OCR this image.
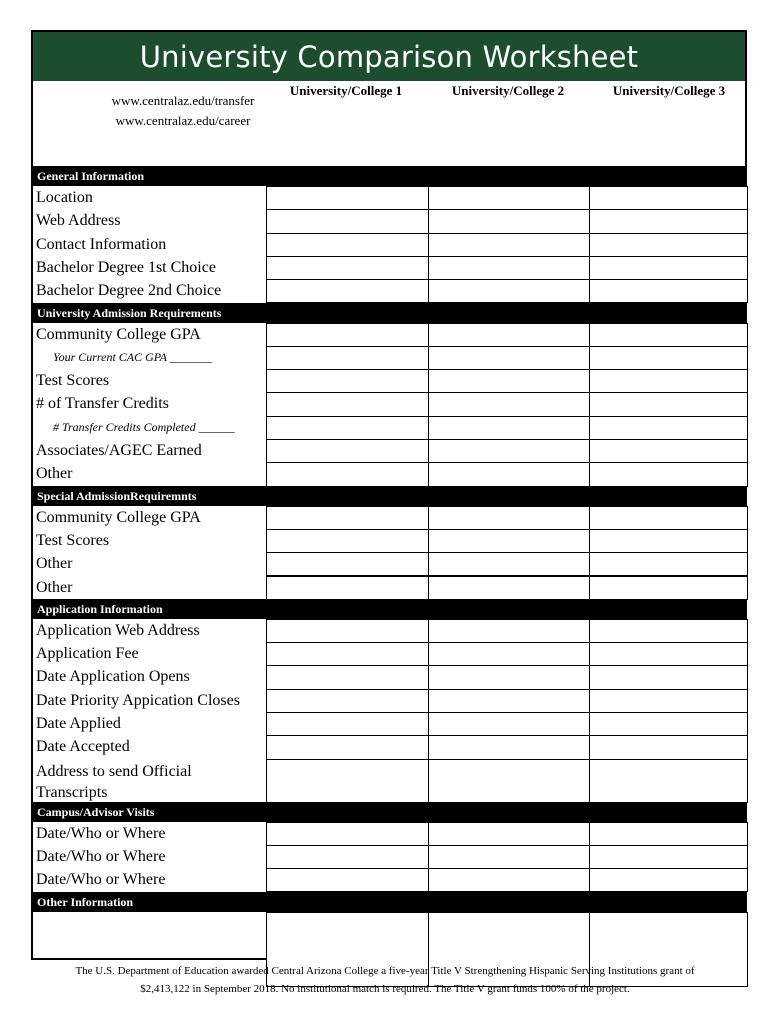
University Comparison Worksheet
www.centralaz.edu/transfer
www.centralaz.edu/career
University/College 1	University/College 2	University/College 3
General Information
Location
Web Address
Contact Information
Bachelor Degree 1st Choice
Bachelor Degree 2nd Choice
University Admission Requirements
Community College GPA
Your Current CAC GPA _______
Test Scores
# of Transfer Credits
# Transfer Credits Completed ______
Associates/AGEC Earned
Other
Special AdmissionRequiremnts
Community College GPA
Test Scores
Other
Other
Application Information
Application Web Address
Application Fee
Date Application Opens
Date Priority Appication Closes
Date Applied
Date Accepted
Address to send Official Transcripts
Campus/Advisor Visits
Date/Who or Where
Date/Who or Where
Date/Who or Where
Other Information
The U.S. Department of Education awarded Central Arizona College a five-year Title V Strengthening Hispanic Serving Institutions grant of
$2,413,122 in September 2018. No institutional match is required. The Title V grant funds 100% of the project.
